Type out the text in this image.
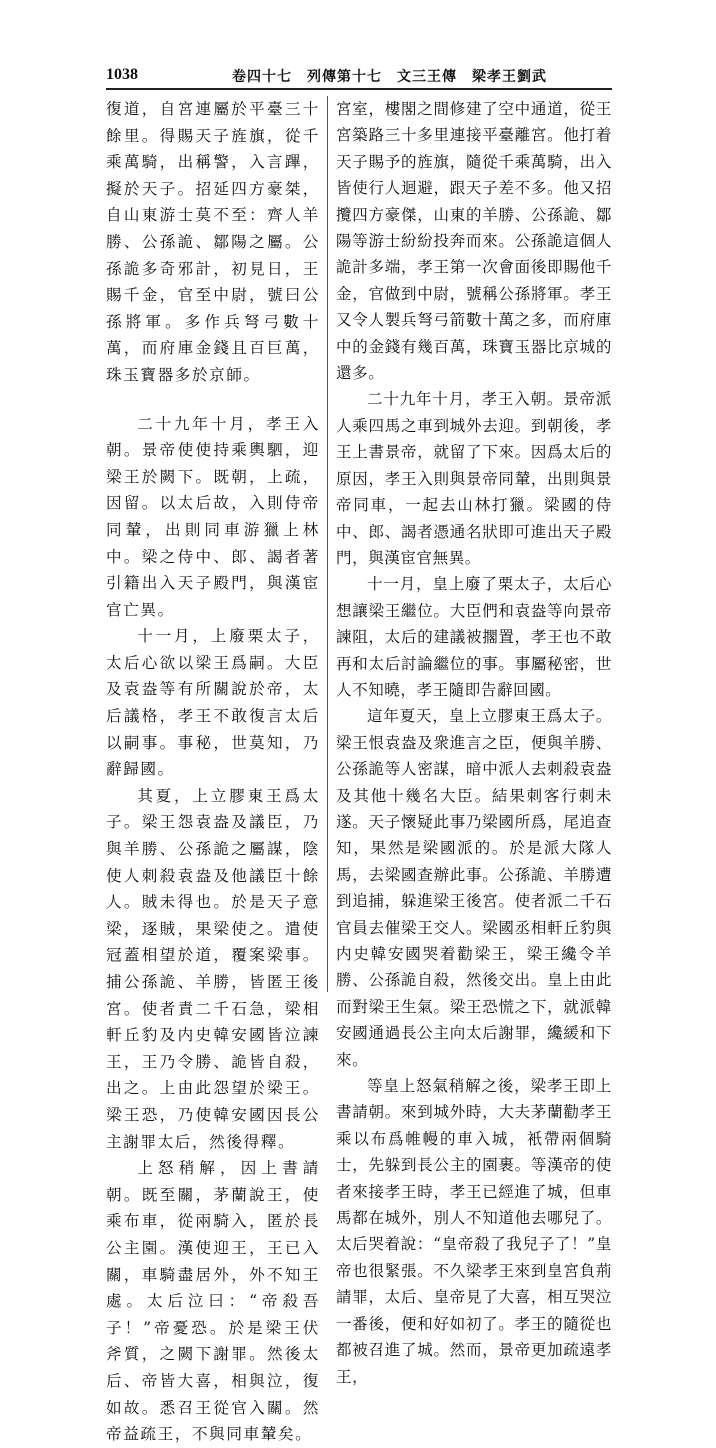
1038	卷四十七　列傳第十七　文三王傳　梁孝王劉武

復道，自宮連屬於平臺三十餘里。得賜天子旌旗，從千乘萬騎，出稱警，入言蹕，擬於天子。招延四方豪桀，自山東游士莫不至：齊人羊勝、公孫詭、鄒陽之屬。公孫詭多奇邪計，初見日，王賜千金，官至中尉，號曰公孫將軍。多作兵弩弓數十萬，而府庫金錢且百巨萬，珠玉寶器多於京師。

二十九年十月，孝王入朝。景帝使使持乘輿駟，迎梁王於闕下。既朝，上疏，因留。以太后故，入則侍帝同輦，出則同車游獵上林中。梁之侍中、郎、謁者著引籍出入天子殿門，與漢宦官亡異。

十一月，上廢栗太子，太后心欲以梁王爲嗣。大臣及袁盎等有所關說於帝，太后議格，孝王不敢復言太后以嗣事。事秘，世莫知，乃辭歸國。

其夏，上立膠東王爲太子。梁王怨袁盎及議臣，乃與羊勝、公孫詭之屬謀，陰使人刺殺袁盎及他議臣十餘人。賊未得也。於是天子意梁，逐賊，果梁使之。遣使冠蓋相望於道，覆案梁事。捕公孫詭、羊勝，皆匿王後宮。使者責二千石急，梁相軒丘豹及内史韓安國皆泣諫王，王乃令勝、詭皆自殺，出之。上由此怨望於梁王。梁王恐，乃使韓安國因長公主謝罪太后，然後得釋。

上怒稍解，因上書請朝。既至關，茅蘭說王，使乘布車，從兩騎入，匿於長公主園。漢使迎王，王已入關，車騎盡居外，外不知王處。太后泣曰：“帝殺吾子！”帝憂恐。於是梁王伏斧質，之闕下謝罪。然後太后、帝皆大喜，相與泣，復如故。悉召王從官入關。然帝益疏王，不與同車輦矣。

宮室，樓閣之間修建了空中通道，從王宮築路三十多里連接平臺離宮。他打着天子賜予的旌旗，隨從千乘萬騎，出入皆使行人迴避，跟天子差不多。他又招攬四方豪傑，山東的羊勝、公孫詭、鄒陽等游士紛紛投奔而來。公孫詭這個人詭計多端，孝王第一次會面後即賜他千金，官做到中尉，號稱公孫將軍。孝王又令人製兵弩弓箭數十萬之多，而府庫中的金錢有幾百萬，珠寶玉器比京城的還多。

二十九年十月，孝王入朝。景帝派人乘四馬之車到城外去迎。到朝後，孝王上書景帝，就留了下來。因爲太后的原因，孝王入則與景帝同輦，出則與景帝同車，一起去山林打獵。梁國的侍中、郎、謁者憑通名狀即可進出天子殿門，與漢宦官無異。

十一月，皇上廢了栗太子，太后心想讓梁王繼位。大臣們和袁盎等向景帝諫阻，太后的建議被擱置，孝王也不敢再和太后討論繼位的事。事屬秘密，世人不知曉，孝王隨即告辭回國。

這年夏天，皇上立膠東王爲太子。梁王恨袁盎及衆進言之臣，便與羊勝、公孫詭等人密謀，暗中派人去刺殺袁盎及其他十幾名大臣。結果刺客行刺未遂。天子懷疑此事乃梁國所爲，尾追查知，果然是梁國派的。於是派大隊人馬，去梁國查辦此事。公孫詭、羊勝遭到追捕，躲進梁王後宮。使者派二千石官員去催梁王交人。梁國丞相軒丘豹與内史韓安國哭着勸梁王，梁王纔令羊勝、公孫詭自殺，然後交出。皇上由此而對梁王生氣。梁王恐慌之下，就派韓安國通過長公主向太后謝罪，纔緩和下來。

等皇上怒氣稍解之後，梁孝王即上書請朝。來到城外時，大夫茅蘭勸孝王乘以布爲帷幔的車入城，衹帶兩個騎士，先躲到長公主的園裹。等漢帝的使者來接孝王時，孝王已經進了城，但車馬都在城外，別人不知道他去哪兒了。太后哭着說：“皇帝殺了我兒子了！”皇帝也很緊張。不久梁孝王來到皇宮負荊請罪，太后、皇帝見了大喜，相互哭泣一番後，便和好如初了。孝王的隨從也都被召進了城。然而，景帝更加疏遠孝王，
